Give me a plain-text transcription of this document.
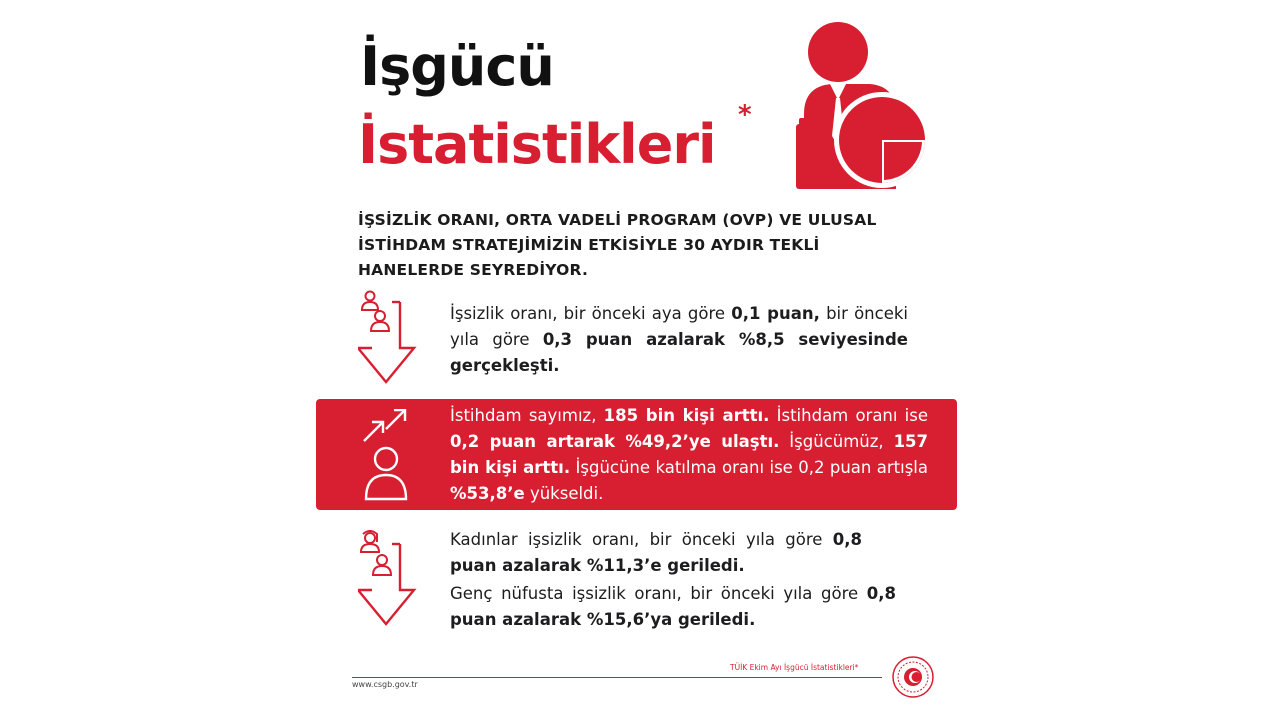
İşgücü
İstatistikleri *
İŞSİZLİK ORANI, ORTA VADELİ PROGRAM (OVP) VE ULUSAL İSTİHDAM STRATEJİMİZİN ETKİSİYLE 30 AYDIR TEKLİ HANELERDE SEYREDİYOR.
İşsizlik oranı, bir önceki aya göre 0,1 puan, bir önceki yıla göre 0,3 puan azalarak %8,5 seviyesinde gerçekleşti.
İstihdam sayımız, 185 bin kişi arttı. İstihdam oranı ise 0,2 puan artarak %49,2’ye ulaştı. İşgücümüz, 157 bin kişi arttı. İşgücüne katılma oranı ise 0,2 puan artışla %53,8’e yükseldi.
Kadınlar işsizlik oranı, bir önceki yıla göre 0,8 puan azalarak %11,3’e geriledi.
Genç nüfusta işsizlik oranı, bir önceki yıla göre 0,8 puan azalarak %15,6’ya geriledi.
TÜİK Ekim Ayı İşgücü İstatistikleri*
www.csgb.gov.tr
